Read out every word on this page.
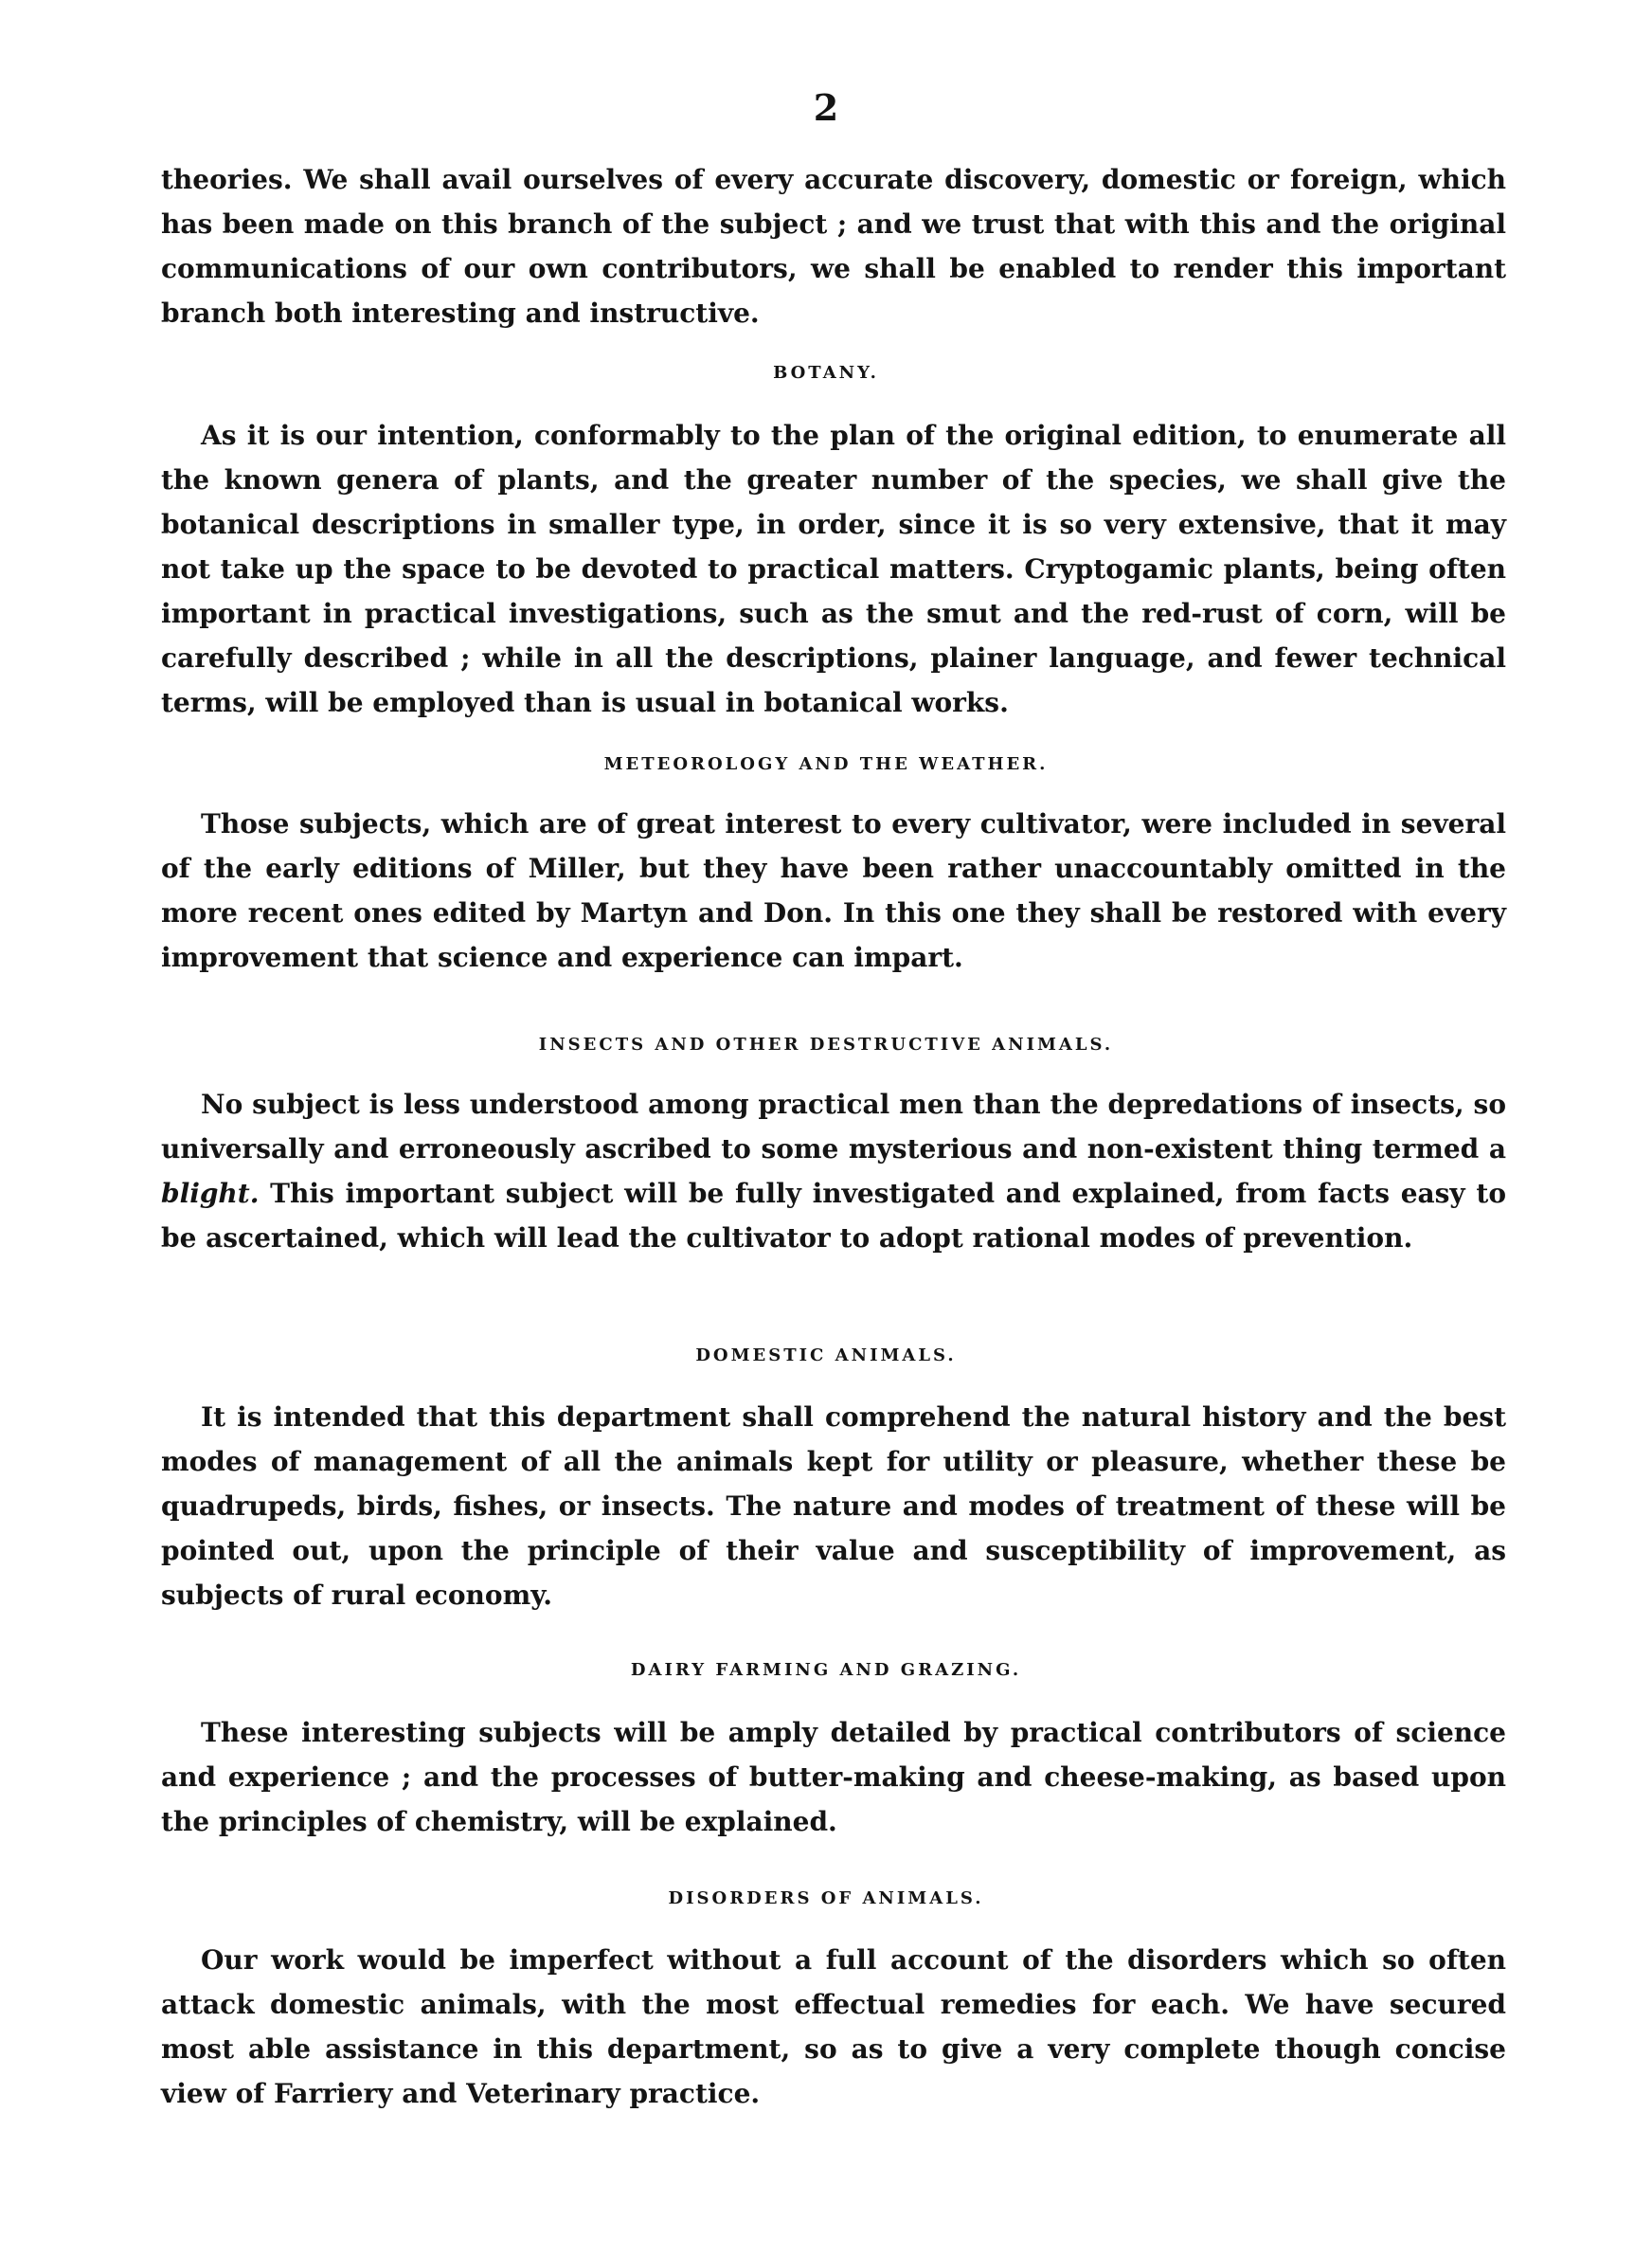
2

theories. We shall avail ourselves of every accurate discovery, domestic or foreign, which has been made on this branch of the subject ; and we trust that with this and the original communications of our own contributors, we shall be enabled to render this important branch both interesting and instructive.

BOTANY.

As it is our intention, conformably to the plan of the original edition, to enumerate all the known genera of plants, and the greater number of the species, we shall give the botanical descriptions in smaller type, in order, since it is so very extensive, that it may not take up the space to be devoted to practical matters. Cryptogamic plants, being often important in practical investigations, such as the smut and the red-rust of corn, will be carefully described ; while in all the descriptions, plainer language, and fewer technical terms, will be employed than is usual in botanical works.

METEOROLOGY AND THE WEATHER.

Those subjects, which are of great interest to every cultivator, were included in several of the early editions of Miller, but they have been rather unaccountably omitted in the more recent ones edited by Martyn and Don. In this one they shall be restored with every improvement that science and experience can impart.

INSECTS AND OTHER DESTRUCTIVE ANIMALS.

No subject is less understood among practical men than the depredations of insects, so universally and erroneously ascribed to some mysterious and non-existent thing termed a blight. This important subject will be fully investigated and explained, from facts easy to be ascertained, which will lead the cultivator to adopt rational modes of prevention.

DOMESTIC ANIMALS.

It is intended that this department shall comprehend the natural history and the best modes of management of all the animals kept for utility or pleasure, whether these be quadrupeds, birds, fishes, or insects. The nature and modes of treatment of these will be pointed out, upon the principle of their value and susceptibility of improvement, as subjects of rural economy.

DAIRY FARMING AND GRAZING.

These interesting subjects will be amply detailed by practical contributors of science and experience ; and the processes of butter-making and cheese-making, as based upon the principles of chemistry, will be explained.

DISORDERS OF ANIMALS.

Our work would be imperfect without a full account of the disorders which so often attack domestic animals, with the most effectual remedies for each. We have secured most able assistance in this department, so as to give a very complete though concise view of Farriery and Veterinary practice.
